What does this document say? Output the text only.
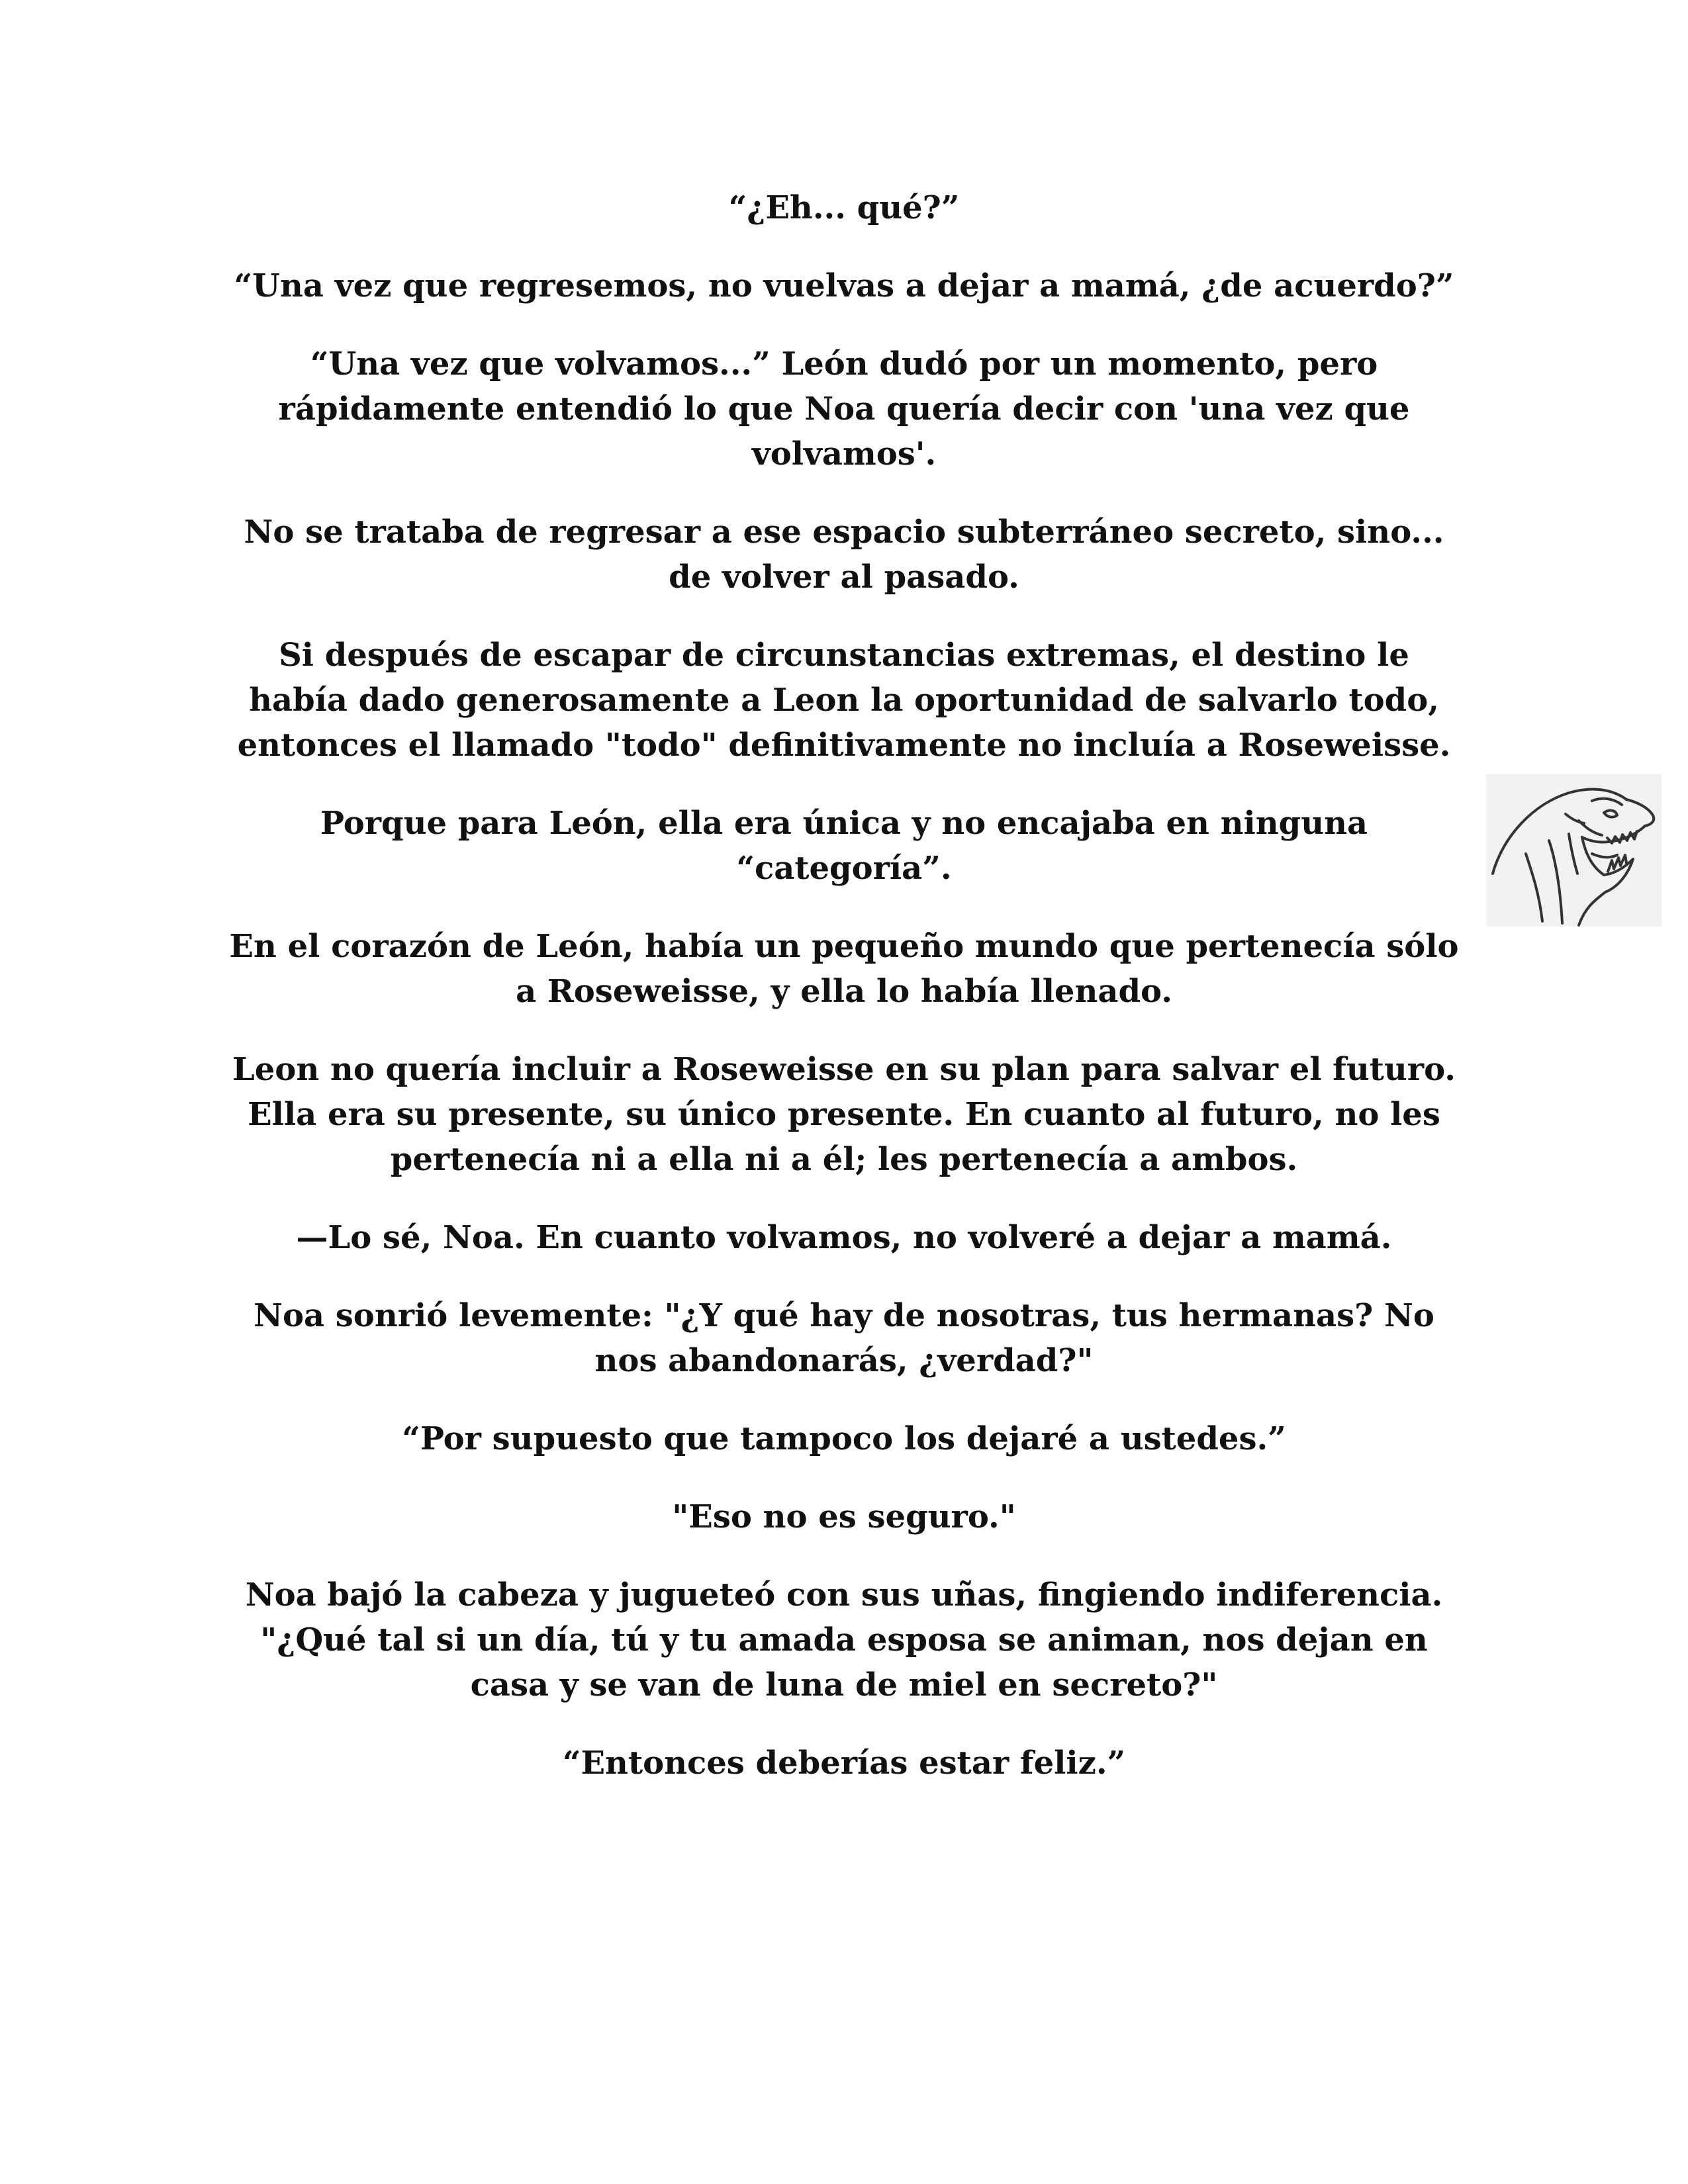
“¿Eh... qué?”

“Una vez que regresemos, no vuelvas a dejar a mamá, ¿de acuerdo?”

“Una vez que volvamos...” León dudó por un momento, pero rápidamente entendió lo que Noa quería decir con 'una vez que volvamos'.

No se trataba de regresar a ese espacio subterráneo secreto, sino... de volver al pasado.

Si después de escapar de circunstancias extremas, el destino le había dado generosamente a Leon la oportunidad de salvarlo todo, entonces el llamado "todo" definitivamente no incluía a Roseweisse.

Porque para León, ella era única y no encajaba en ninguna “categoría”.

En el corazón de León, había un pequeño mundo que pertenecía sólo a Roseweisse, y ella lo había llenado.

Leon no quería incluir a Roseweisse en su plan para salvar el futuro. Ella era su presente, su único presente. En cuanto al futuro, no les pertenecía ni a ella ni a él; les pertenecía a ambos.

—Lo sé, Noa. En cuanto volvamos, no volveré a dejar a mamá.

Noa sonrió levemente: "¿Y qué hay de nosotras, tus hermanas? No nos abandonarás, ¿verdad?"

“Por supuesto que tampoco los dejaré a ustedes.”

"Eso no es seguro."

Noa bajó la cabeza y jugueteó con sus uñas, fingiendo indiferencia. "¿Qué tal si un día, tú y tu amada esposa se animan, nos dejan en casa y se van de luna de miel en secreto?"

“Entonces deberías estar feliz.”
